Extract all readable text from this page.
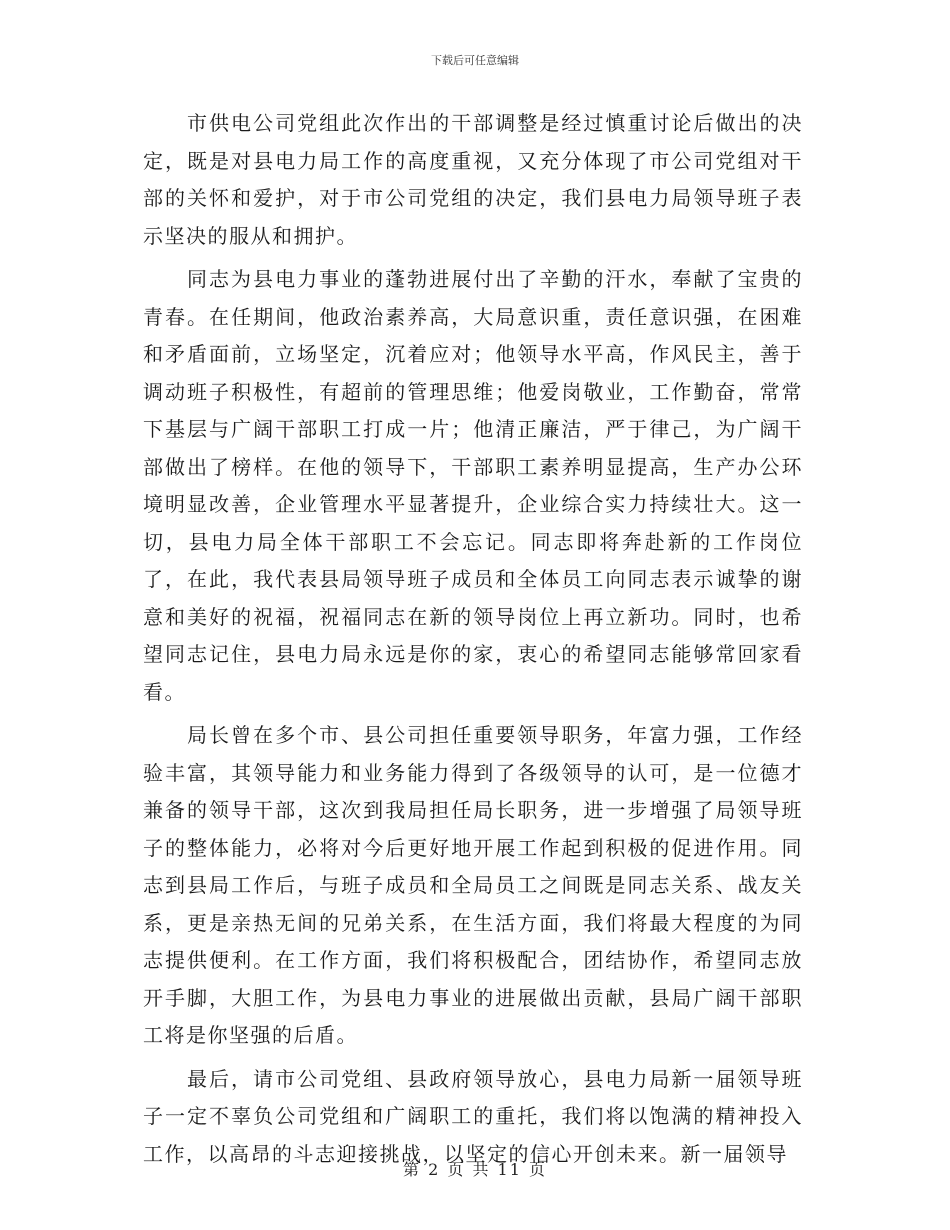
下载后可任意编辑

市供电公司党组此次作出的干部调整是经过慎重讨论后做出的决定，既是对县电力局工作的高度重视，又充分体现了市公司党组对干部的关怀和爱护，对于市公司党组的决定，我们县电力局领导班子表示坚决的服从和拥护。

同志为县电力事业的蓬勃进展付出了辛勤的汗水，奉献了宝贵的青春。在任期间，他政治素养高，大局意识重，责任意识强，在困难和矛盾面前，立场坚定，沉着应对；他领导水平高，作风民主，善于调动班子积极性，有超前的管理思维；他爱岗敬业，工作勤奋，常常下基层与广阔干部职工打成一片；他清正廉洁，严于律己，为广阔干部做出了榜样。在他的领导下，干部职工素养明显提高，生产办公环境明显改善，企业管理水平显著提升，企业综合实力持续壮大。这一切，县电力局全体干部职工不会忘记。同志即将奔赴新的工作岗位了，在此，我代表县局领导班子成员和全体员工向同志表示诚挚的谢意和美好的祝福，祝福同志在新的领导岗位上再立新功。同时，也希望同志记住，县电力局永远是你的家，衷心的希望同志能够常回家看看。

局长曾在多个市、县公司担任重要领导职务，年富力强，工作经验丰富，其领导能力和业务能力得到了各级领导的认可，是一位德才兼备的领导干部，这次到我局担任局长职务，进一步增强了局领导班子的整体能力，必将对今后更好地开展工作起到积极的促进作用。同志到县局工作后，与班子成员和全局员工之间既是同志关系、战友关系，更是亲热无间的兄弟关系，在生活方面，我们将最大程度的为同志提供便利。在工作方面，我们将积极配合，团结协作，希望同志放开手脚，大胆工作，为县电力事业的进展做出贡献，县局广阔干部职工将是你坚强的后盾。

最后，请市公司党组、县政府领导放心，县电力局新一届领导班子一定不辜负公司党组和广阔职工的重托，我们将以饱满的精神投入工作，以高昂的斗志迎接挑战，以坚定的信心开创未来。新一届领导

第 2 页 共 11 页
